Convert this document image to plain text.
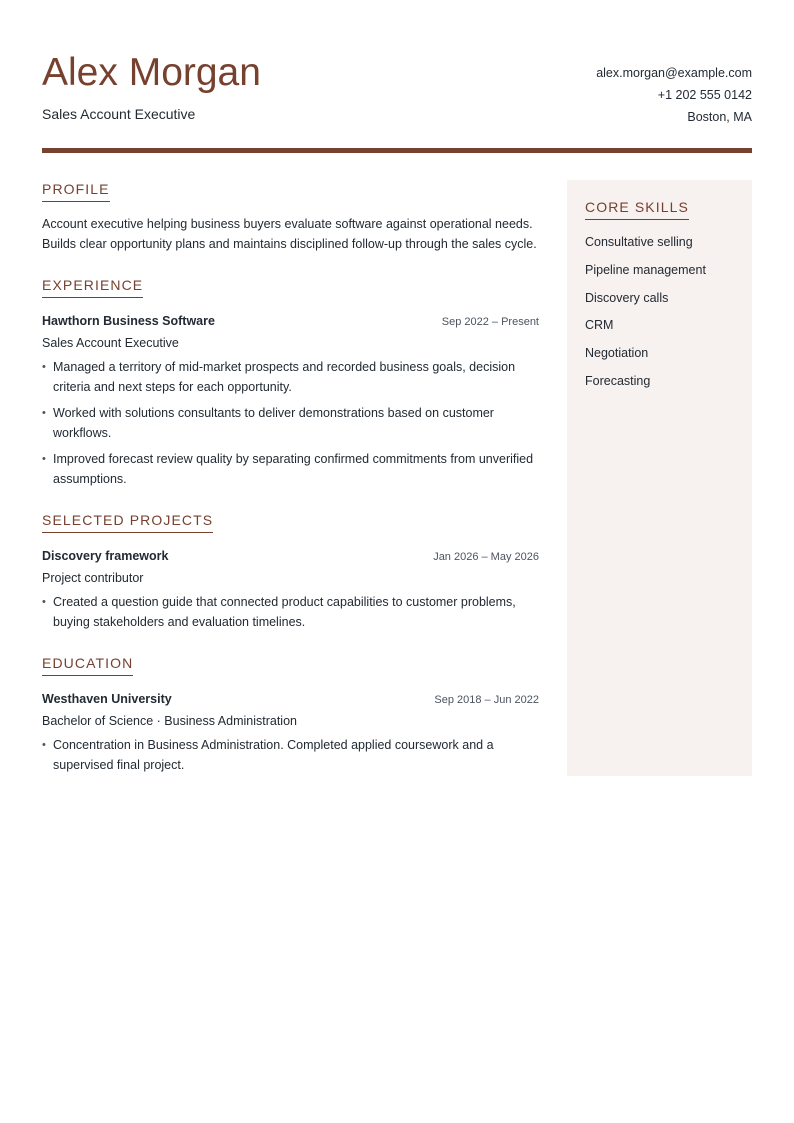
Alex Morgan
Sales Account Executive
alex.morgan@example.com
+1 202 555 0142
Boston, MA
PROFILE

Account executive helping business buyers evaluate software against operational needs. Builds clear opportunity plans and maintains disciplined follow-up through the sales cycle.

EXPERIENCE
Hawthorn Business Software	Sep 2022 – Present
Sales Account Executive
• Managed a territory of mid-market prospects and recorded business goals, decision criteria and next steps for each opportunity.
• Worked with solutions consultants to deliver demonstrations based on customer workflows.
• Improved forecast review quality by separating confirmed commitments from unverified assumptions.
SELECTED PROJECTS
Discovery framework	Jan 2026 – May 2026
Project contributor
• Created a question guide that connected product capabilities to customer problems, buying stakeholders and evaluation timelines.
EDUCATION
Westhaven University	Sep 2018 – Jun 2022
Bachelor of Science · Business Administration
• Concentration in Business Administration. Completed applied coursework and a supervised final project.
CORE SKILLS
Consultative selling
Pipeline management
Discovery calls
CRM
Negotiation
Forecasting
